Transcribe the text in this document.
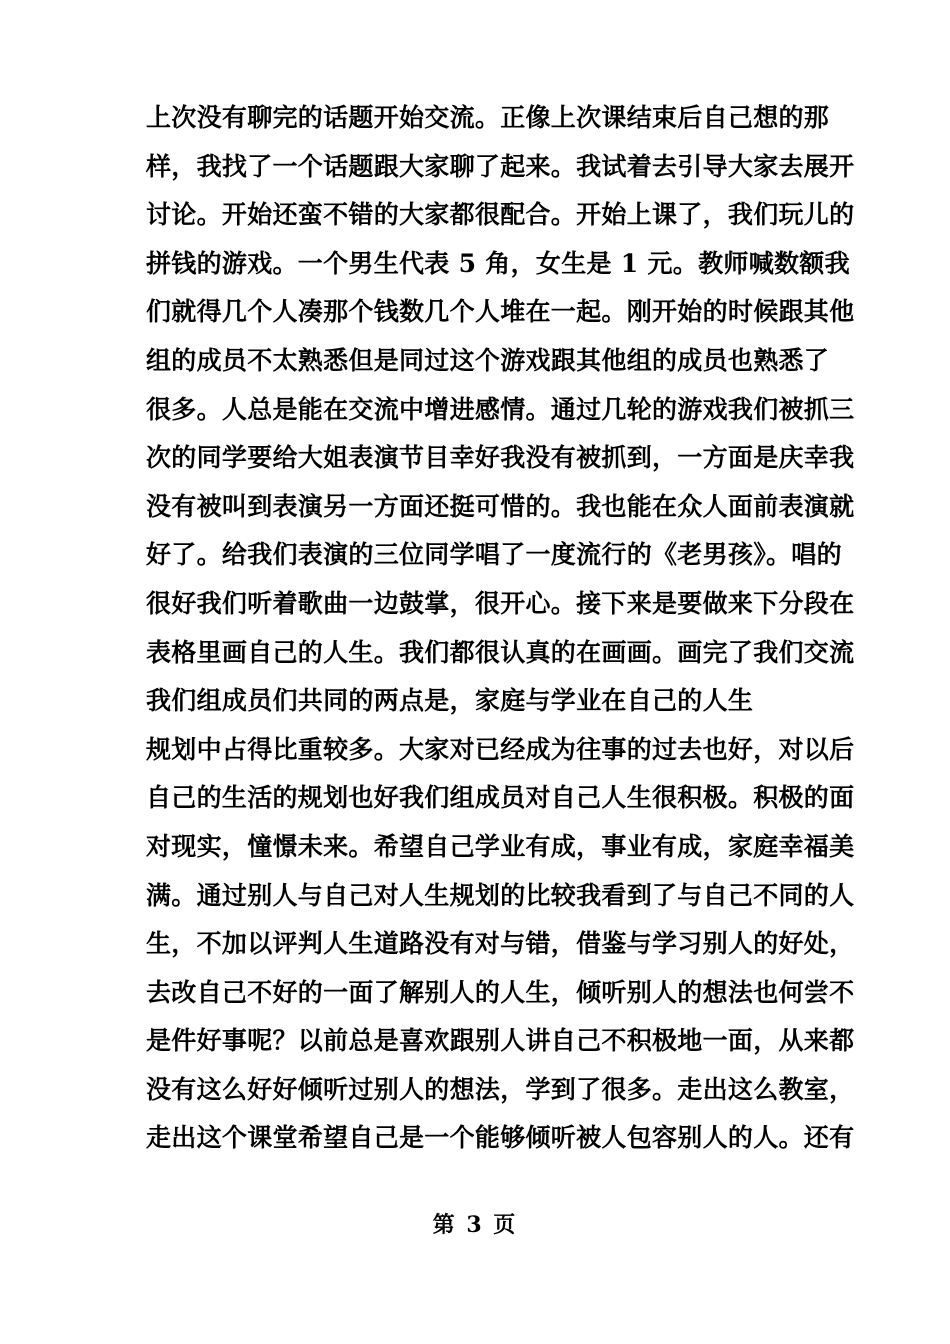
上次没有聊完的话题开始交流。正像上次课结束后自己想的那
样，我找了一个话题跟大家聊了起来。我试着去引导大家去展开
讨论。开始还蛮不错的大家都很配合。开始上课了，我们玩儿的
拼钱的游戏。一个男生代表 5 角，女生是 1 元。教师喊数额我
们就得几个人凑那个钱数几个人堆在一起。刚开始的时候跟其他
组的成员不太熟悉但是同过这个游戏跟其他组的成员也熟悉了
很多。人总是能在交流中增进感情。通过几轮的游戏我们被抓三
次的同学要给大姐表演节目幸好我没有被抓到，一方面是庆幸我
没有被叫到表演另一方面还挺可惜的。我也能在众人面前表演就
好了。给我们表演的三位同学唱了一度流行的《老男孩》。唱的
很好我们听着歌曲一边鼓掌，很开心。接下来是要做来下分段在
表格里画自己的人生。我们都很认真的在画画。画完了我们交流
我们组成员们共同的两点是，家庭与学业在自己的人生
规划中占得比重较多。大家对已经成为往事的过去也好，对以后
自己的生活的规划也好我们组成员对自己人生很积极。积极的面
对现实，憧憬未来。希望自己学业有成，事业有成，家庭幸福美
满。通过别人与自己对人生规划的比较我看到了与自己不同的人
生，不加以评判人生道路没有对与错，借鉴与学习别人的好处，
去改自己不好的一面了解别人的人生，倾听别人的想法也何尝不
是件好事呢？以前总是喜欢跟别人讲自己不积极地一面，从来都
没有这么好好倾听过别人的想法，学到了很多。走出这么教室，
走出这个课堂希望自己是一个能够倾听被人包容别人的人。还有
第 3 页
